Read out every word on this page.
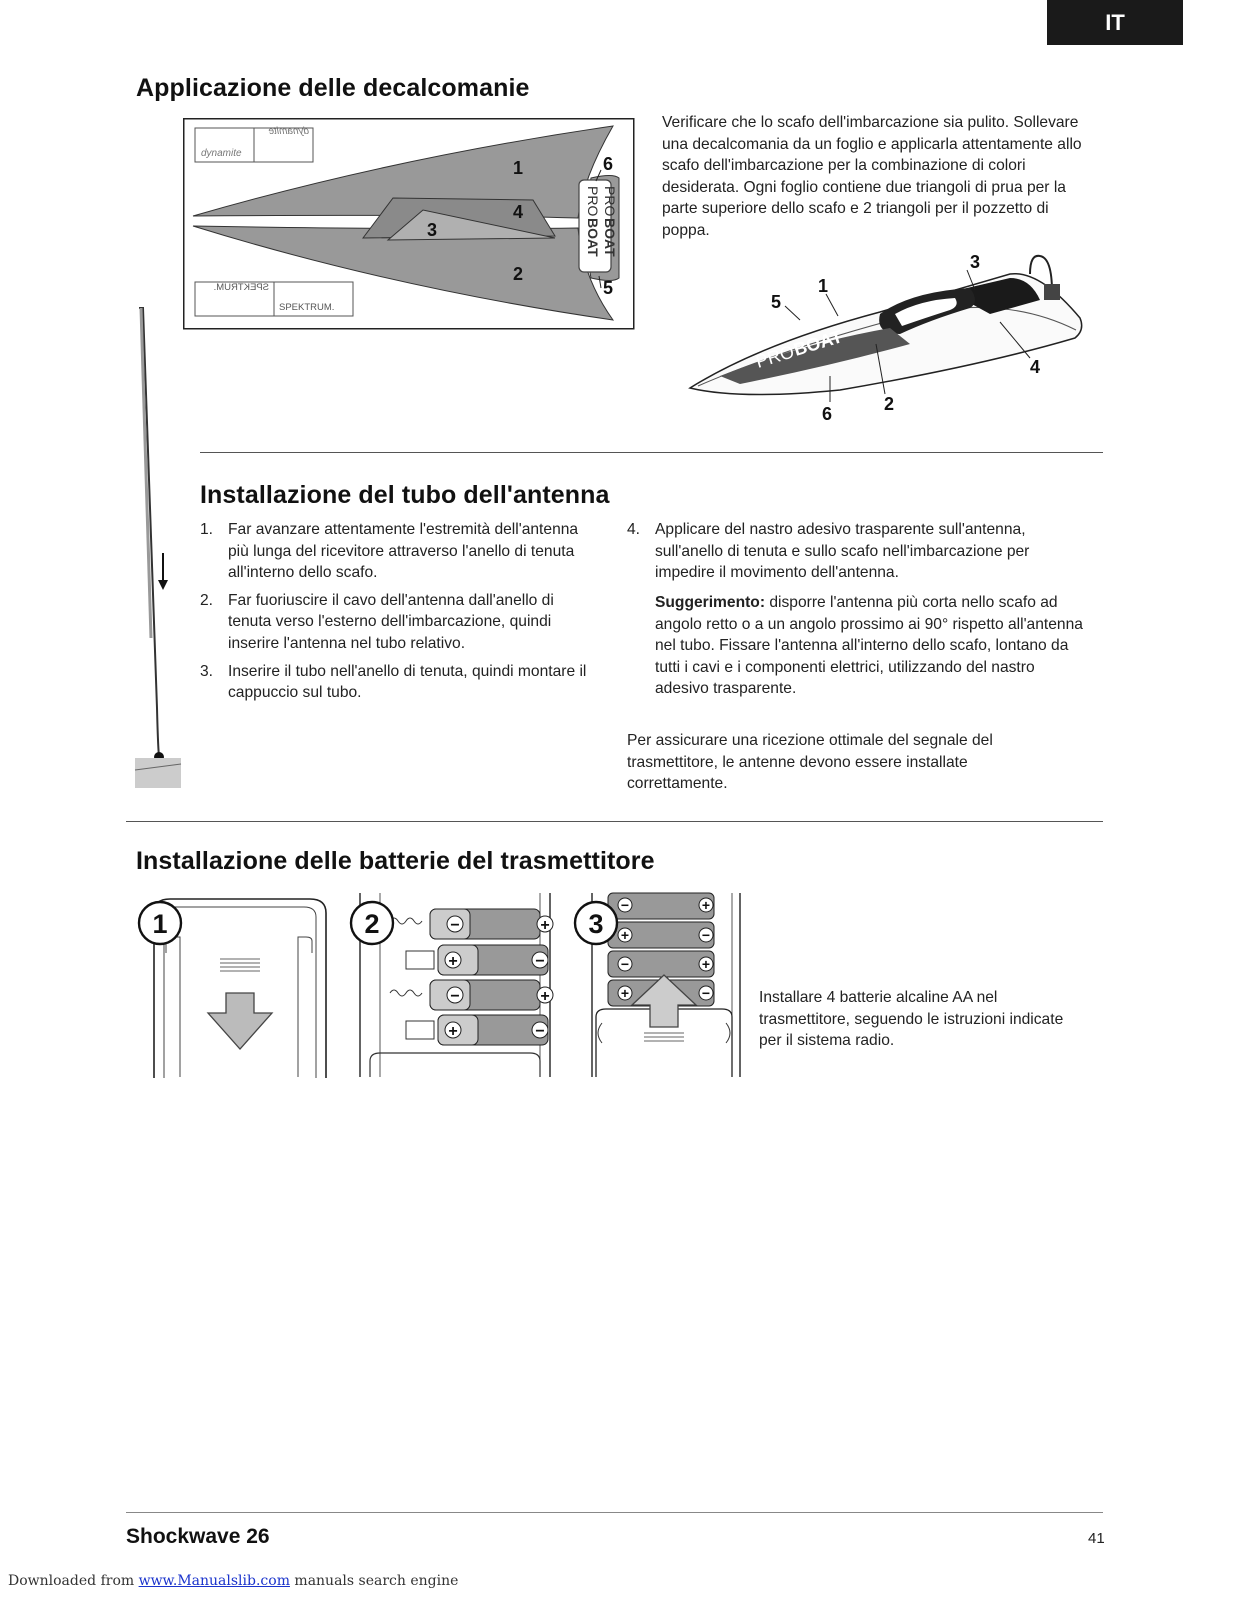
IT
Applicazione delle decalcomanie
PRO
BOAT
PRO
BOAT
dynamite
dynamite
SPEKTRUM.
SPEKTRUM.
1
2
3
4
5
6

Verificare che lo scafo dell'imbarcazione sia pulito. Sollevare una decalcomania da un foglio e applicarla attentamente allo scafo dell'imbarcazione per la combinazione di colori desiderata. Ogni foglio contiene due triangoli di prua per la parte superiore dello scafo e 2 triangoli per il pozzetto di poppa.

PRO
BOAT
1
2
3
4
5
6
Installazione del tubo dell'antenna
1. Far avanzare attentamente l'estremità dell'antenna più lunga del ricevitore attraverso l'anello di tenuta all'interno dello scafo.
2. Far fuoriuscire il cavo dell'antenna dall'anello di tenuta verso l'esterno dell'imbarcazione, quindi inserire l'antenna nel tubo relativo.
3. Inserire il tubo nell'anello di tenuta, quindi montare il cappuccio sul tubo.
4. Applicare del nastro adesivo trasparente sull'antenna, sull'anello di tenuta e sullo scafo nell'imbarcazione per impedire il movimento dell'antenna.

Suggerimento: disporre l'antenna più corta nello scafo ad angolo retto o a un angolo prossimo ai 90° rispetto all'antenna nel tubo. Fissare l'antenna all'interno dello scafo, lontano da tutti i cavi e i componenti elettrici, utilizzando del nastro adesivo trasparente.

Per assicurare una ricezione ottimale del segnale del trasmettitore, le antenne devono essere installate correttamente.

Installazione delle batterie del trasmettitore
1	−	+
+	−
−	+
+	−
2
−	+
+	−
−	+
+	−
3

Installare 4 batterie alcaline AA nel trasmettitore, seguendo le istruzioni indicate per il sistema radio.

Shockwave 26	41
Downloaded from www.Manualslib.com manuals search engine
